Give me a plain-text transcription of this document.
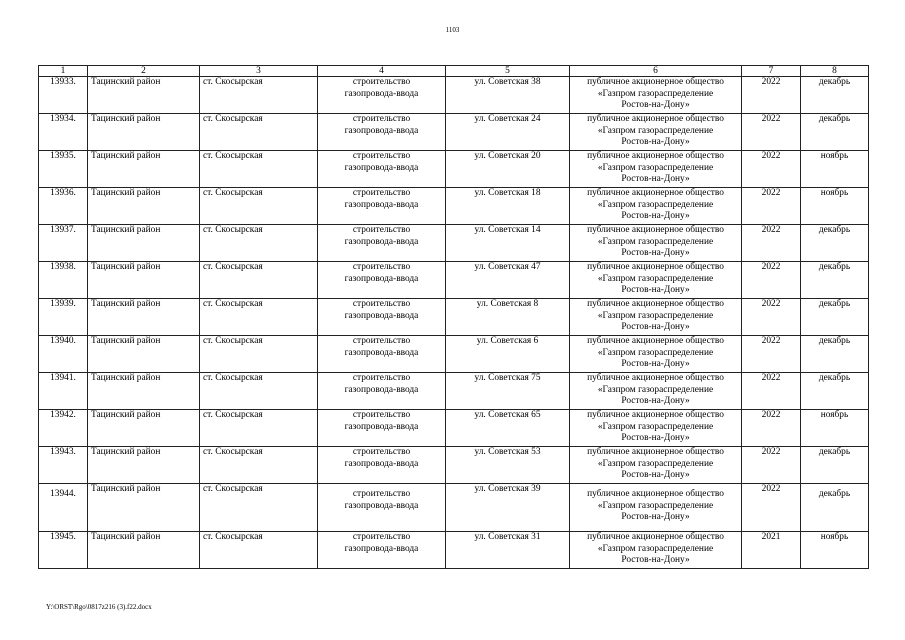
1103
1	2	3	4	5	6	7	8
13933.	Тацинский район	ст. Скосырская	строительство
газопровода-ввода	ул. Советская 38	публичное акционерное общество
«Газпром газораспределение
Ростов-на-Дону»	2022	декабрь
13934.	Тацинский район	ст. Скосырская	строительство
газопровода-ввода	ул. Советская 24	публичное акционерное общество
«Газпром газораспределение
Ростов-на-Дону»	2022	декабрь
13935.	Тацинский район	ст. Скосырская	строительство
газопровода-ввода	ул. Советская 20	публичное акционерное общество
«Газпром газораспределение
Ростов-на-Дону»	2022	ноябрь
13936.	Тацинский район	ст. Скосырская	строительство
газопровода-ввода	ул. Советская 18	публичное акционерное общество
«Газпром газораспределение
Ростов-на-Дону»	2022	ноябрь
13937.	Тацинский район	ст. Скосырская	строительство
газопровода-ввода	ул. Советская 14	публичное акционерное общество
«Газпром газораспределение
Ростов-на-Дону»	2022	декабрь
13938.	Тацинский район	ст. Скосырская	строительство
газопровода-ввода	ул. Советская 47	публичное акционерное общество
«Газпром газораспределение
Ростов-на-Дону»	2022	декабрь
13939.	Тацинский район	ст. Скосырская	строительство
газопровода-ввода	ул. Советская 8	публичное акционерное общество
«Газпром газораспределение
Ростов-на-Дону»	2022	декабрь
13940.	Тацинский район	ст. Скосырская	строительство
газопровода-ввода	ул. Советская 6	публичное акционерное общество
«Газпром газораспределение
Ростов-на-Дону»	2022	декабрь
13941.	Тацинский район	ст. Скосырская	строительство
газопровода-ввода	ул. Советская 75	публичное акционерное общество
«Газпром газораспределение
Ростов-на-Дону»	2022	декабрь
13942.	Тацинский район	ст. Скосырская	строительство
газопровода-ввода	ул. Советская 65	публичное акционерное общество
«Газпром газораспределение
Ростов-на-Дону»	2022	ноябрь
13943.	Тацинский район	ст. Скосырская	строительство
газопровода-ввода	ул. Советская 53	публичное акционерное общество
«Газпром газораспределение
Ростов-на-Дону»	2022	декабрь
13944.	Тацинский район	ст. Скосырская	строительство
газопровода-ввода	ул. Советская 39	публичное акционерное общество
«Газпром газораспределение
Ростов-на-Дону»	2022	декабрь
13945.	Тацинский район	ст. Скосырская	строительство
газопровода-ввода	ул. Советская 31	публичное акционерное общество
«Газпром газораспределение
Ростов-на-Дону»	2021	ноябрь
Y:\ORST\Rgo\0817z216 (3).f22.docx
